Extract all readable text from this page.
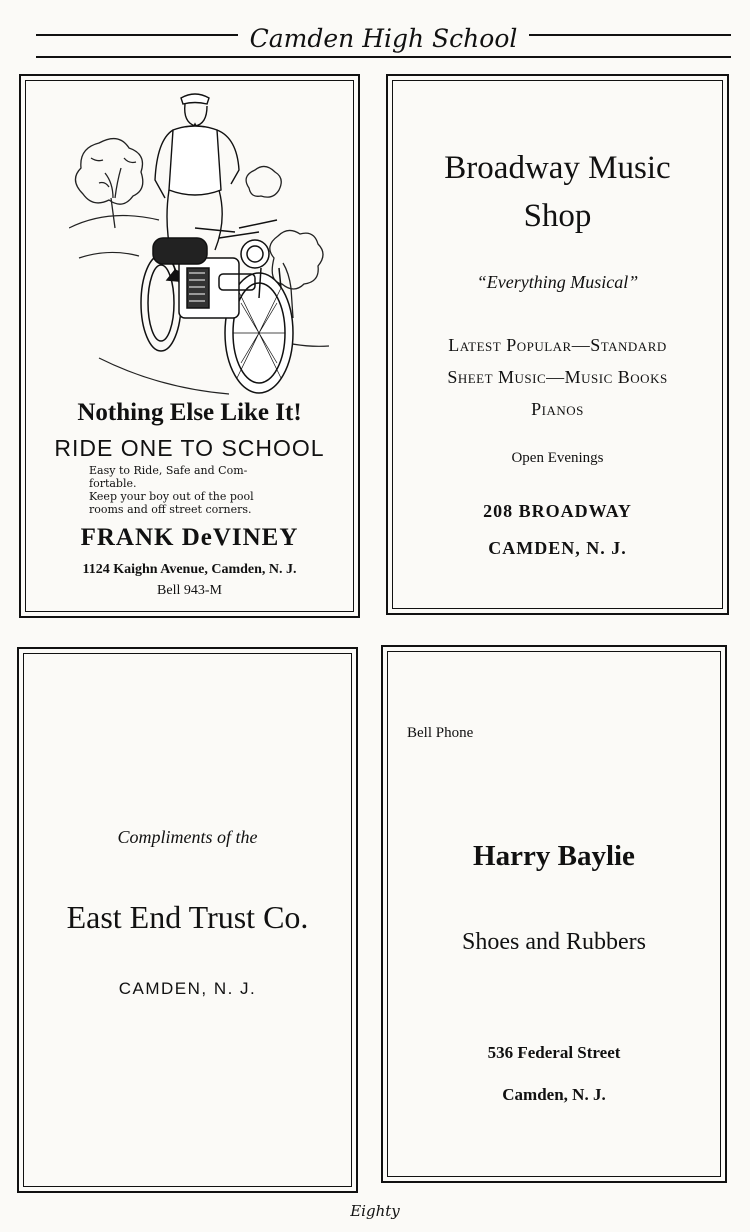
Camden High School
Nothing Else Like It!
RIDE ONE TO SCHOOL
Easy to Ride, Safe and Com-
fortable.
Keep your boy out of the pool
rooms and off street corners.
FRANK DeVINEY
1124 Kaighn Avenue, Camden, N. J.
Bell 943-M
Broadway Music
Shop
“Everything Musical”
Latest Popular—Standard
Sheet Music—Music Books
Pianos
Open Evenings
208 BROADWAY
CAMDEN, N. J.
Compliments of the
East End Trust Co.
CAMDEN, N. J.
Bell Phone
Harry Baylie
Shoes and Rubbers
536 Federal Street
Camden, N. J.
Eighty
